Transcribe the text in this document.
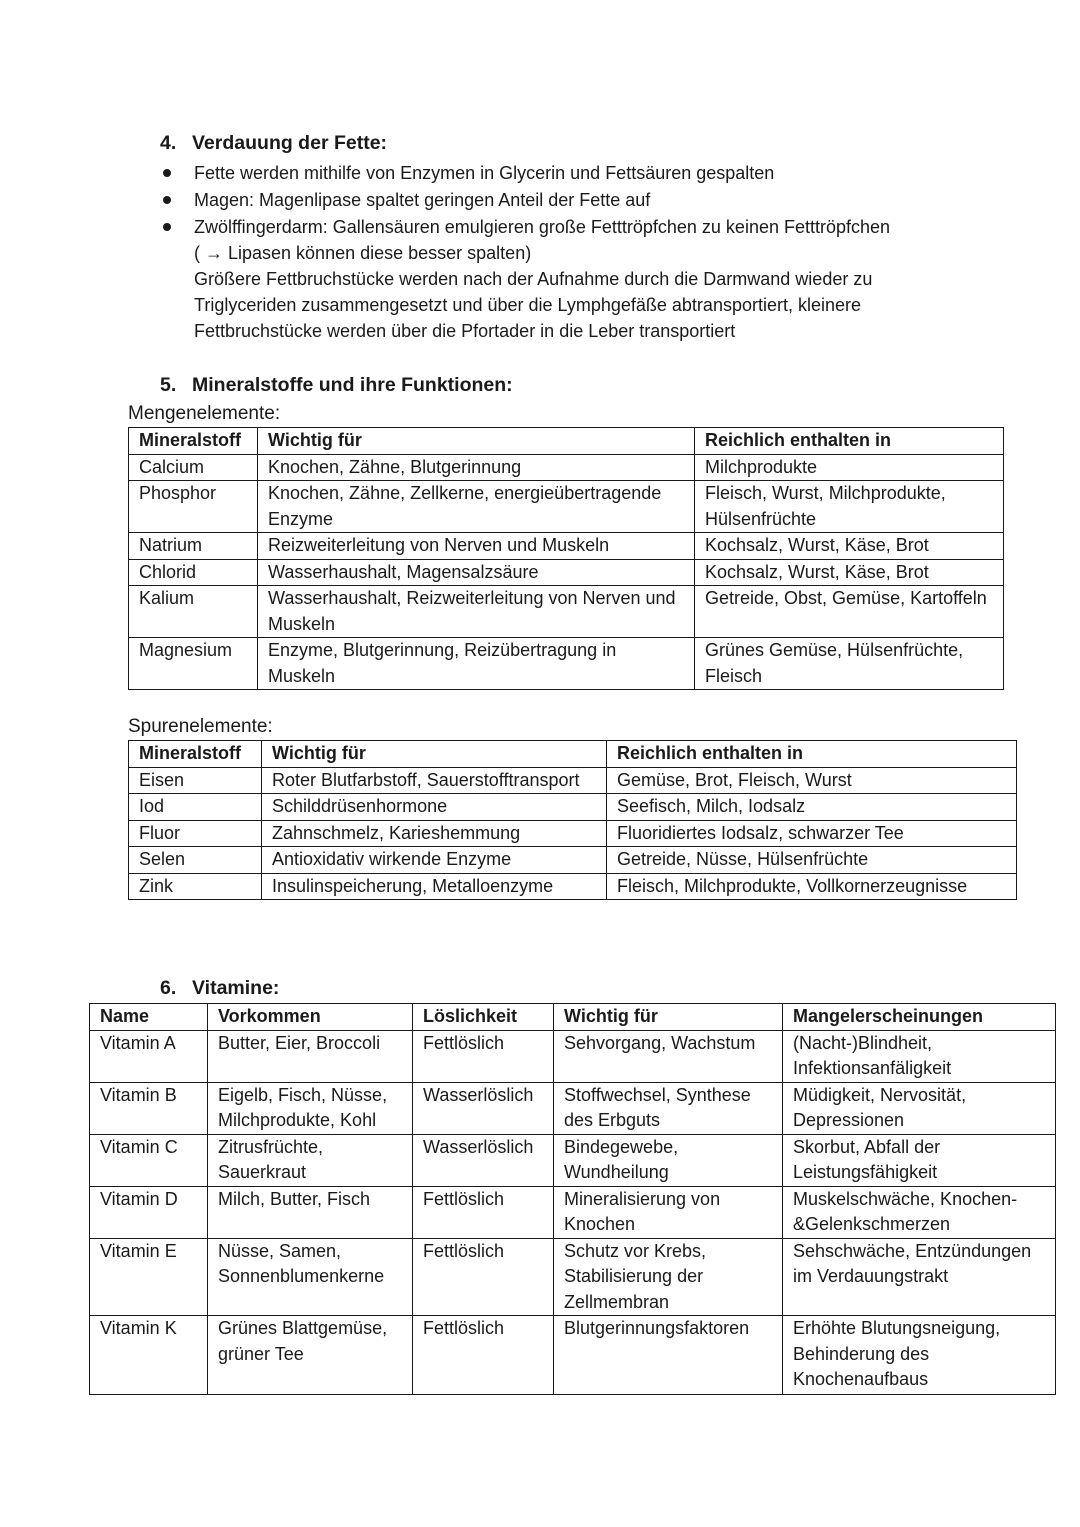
4. Verdauung der Fette:
Fette werden mithilfe von Enzymen in Glycerin und Fettsäuren gespalten
Magen: Magenlipase spaltet geringen Anteil der Fette auf
Zwölffingerdarm: Gallensäuren emulgieren große Fetttröpfchen zu keinen Fetttröpfchen ( → Lipasen können diese besser spalten)
Größere Fettbruchstücke werden nach der Aufnahme durch die Darmwand wieder zu Triglyceriden zusammengesetzt und über die Lymphgefäße abtransportiert, kleinere Fettbruchstücke werden über die Pfortader in die Leber transportiert
5. Mineralstoffe und ihre Funktionen:
Mengenelemente:
Mineralstoff	Wichtig für	Reichlich enthalten in
Calcium	Knochen, Zähne, Blutgerinnung	Milchprodukte
Phosphor	Knochen, Zähne, Zellkerne, energieübertragende Enzyme	Fleisch, Wurst, Milchprodukte, Hülsenfrüchte
Natrium	Reizweiterleitung von Nerven und Muskeln	Kochsalz, Wurst, Käse, Brot
Chlorid	Wasserhaushalt, Magensalzsäure	Kochsalz, Wurst, Käse, Brot
Kalium	Wasserhaushalt, Reizweiterleitung von Nerven und Muskeln	Getreide, Obst, Gemüse, Kartoffeln
Magnesium	Enzyme, Blutgerinnung, Reizübertragung in Muskeln	Grünes Gemüse, Hülsenfrüchte, Fleisch
Spurenelemente:
Mineralstoff	Wichtig für	Reichlich enthalten in
Eisen	Roter Blutfarbstoff, Sauerstofftransport	Gemüse, Brot, Fleisch, Wurst
Iod	Schilddrüsenhormone	Seefisch, Milch, Iodsalz
Fluor	Zahnschmelz, Karieshemmung	Fluoridiertes Iodsalz, schwarzer Tee
Selen	Antioxidativ wirkende Enzyme	Getreide, Nüsse, Hülsenfrüchte
Zink	Insulinspeicherung, Metalloenzyme	Fleisch, Milchprodukte, Vollkornerzeugnisse
6. Vitamine:
Name	Vorkommen	Löslichkeit	Wichtig für	Mangelerscheinungen
Vitamin A	Butter, Eier, Broccoli	Fettlöslich	Sehvorgang, Wachstum	(Nacht-)Blindheit, Infektionsanfäligkeit
Vitamin B	Eigelb, Fisch, Nüsse, Milchprodukte, Kohl	Wasserlöslich	Stoffwechsel, Synthese des Erbguts	Müdigkeit, Nervosität, Depressionen
Vitamin C	Zitrusfrüchte, Sauerkraut	Wasserlöslich	Bindegewebe, Wundheilung	Skorbut, Abfall der Leistungsfähigkeit
Vitamin D	Milch, Butter, Fisch	Fettlöslich	Mineralisierung von Knochen	Muskelschwäche, Knochen-&Gelenkschmerzen
Vitamin E	Nüsse, Samen, Sonnenblumenkerne	Fettlöslich	Schutz vor Krebs, Stabilisierung der Zellmembran	Sehschwäche, Entzündungen im Verdauungstrakt
Vitamin K	Grünes Blattgemüse, grüner Tee	Fettlöslich	Blutgerinnungsfaktoren	Erhöhte Blutungsneigung, Behinderung des Knochenaufbaus
